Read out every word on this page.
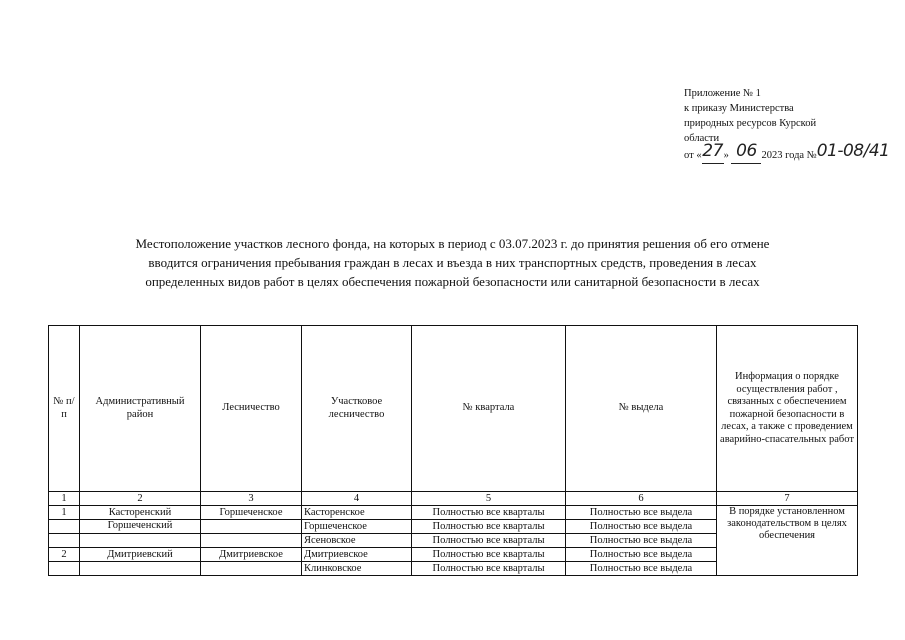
Приложение № 1
к приказу Министерства
природных ресурсов Курской
области
от «27» 06 2023 года №01-08/41
Местоположение участков лесного фонда, на которых в период с 03.07.2023 г. до принятия решения об его отмене
вводится ограничения пребывания граждан в лесах и въезда в них транспортных средств, проведения в лесах
определенных видов работ в целях обеспечения пожарной безопасности или санитарной безопасности в лесах
№ п/п	Административный район	Лесничество	Участковое лесничество	№ квартала	№ выдела	Информация о порядке осуществления работ , связанных с обеспечением пожарной безопасности в лесах, а также с проведением аварийно-спасательных работ
1	2	3	4	5	6	7
1	Касторенский	Горшеченское	Касторенское	Полностью все кварталы	Полностью все выдела	В порядке установленном законодательством в целях обеспечения
	Горшеченский		Горшеченское	Полностью все кварталы	Полностью все выдела	
			Ясеновское	Полностью все кварталы	Полностью все выдела	
2	Дмитриевский	Дмитриевское	Дмитриевское	Полностью все кварталы	Полностью все выдела	
			Клинковское	Полностью все кварталы	Полностью все выдела	
